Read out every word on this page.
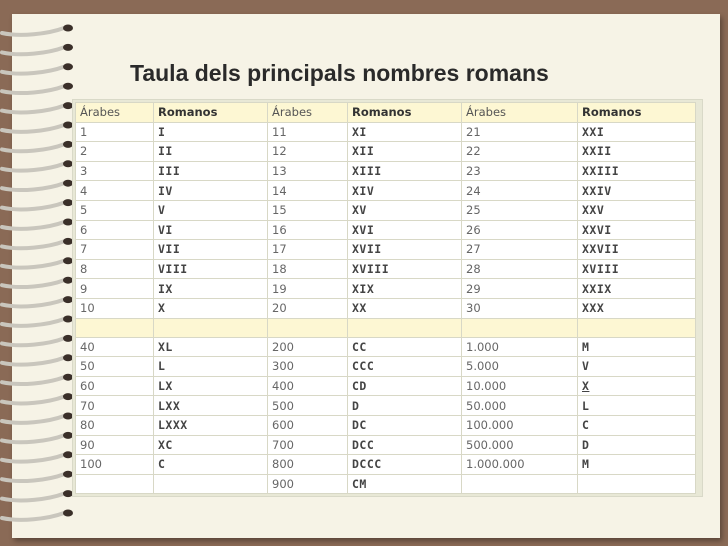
Taula dels principals nombres romans
Árabes	Romanos	Árabes	Romanos	Árabes	Romanos
1	I	11	XI	21	XXI
2	II	12	XII	22	XXII
3	III	13	XIII	23	XXIII
4	IV	14	XIV	24	XXIV
5	V	15	XV	25	XXV
6	VI	16	XVI	26	XXVI
7	VII	17	XVII	27	XXVII
8	VIII	18	XVIII	28	XVIII
9	IX	19	XIX	29	XXIX
10	X	20	XX	30	XXX

40	XL	200	CC	1.000	M
50	L	300	CCC	5.000	V
60	LX	400	CD	10.000	X
70	LXX	500	D	50.000	L
80	LXXX	600	DC	100.000	C
90	XC	700	DCC	500.000	D
100	C	800	DCCC	1.000.000	M
		900	CM		
